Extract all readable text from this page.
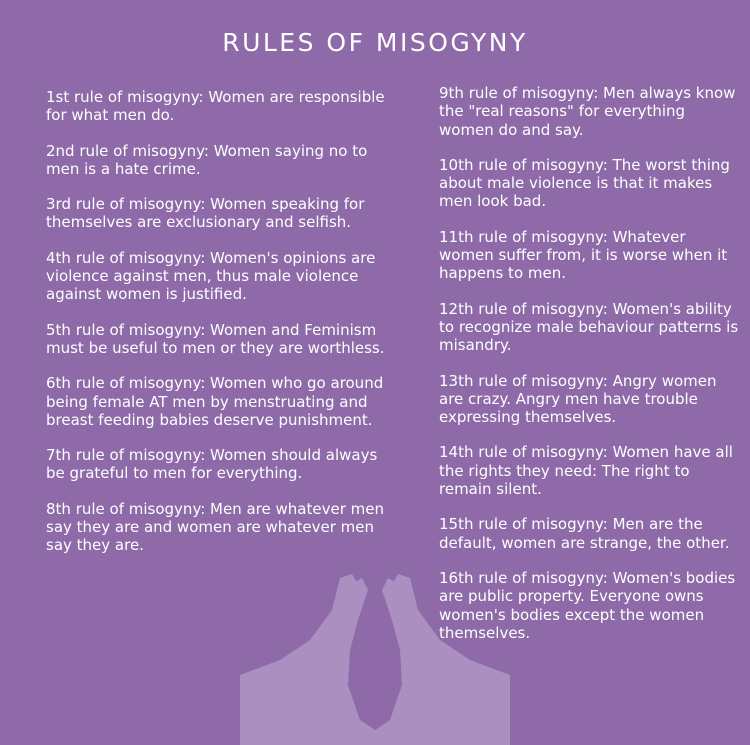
RULES OF MISOGYNY

1st rule of misogyny: Women are responsible for what men do.

2nd rule of misogyny: Women saying no to men is a hate crime.

3rd rule of misogyny: Women speaking for themselves are exclusionary and selfish.

4th rule of misogyny: Women's opinions are violence against men, thus male violence against women is justified.

5th rule of misogyny: Women and Feminism must be useful to men or they are worthless.

6th rule of misogyny: Women who go around being female AT men by menstruating and breast feeding babies deserve punishment.

7th rule of misogyny: Women should always be grateful to men for everything.

8th rule of misogyny: Men are whatever men say they are and women are whatever men say they are.

9th rule of misogyny: Men always know the "real reasons" for everything women do and say.

10th rule of misogyny: The worst thing about male violence is that it makes men look bad.

11th rule of misogyny: Whatever women suffer from, it is worse when it happens to men.

12th rule of misogyny: Women's ability to recognize male behaviour patterns is misandry.

13th rule of misogyny: Angry women are crazy. Angry men have trouble expressing themselves.

14th rule of misogyny: Women have all the rights they need: The right to remain silent.

15th rule of misogyny: Men are the default, women are strange, the other.

16th rule of misogyny: Women's bodies are public property. Everyone owns women's bodies except the women themselves.
